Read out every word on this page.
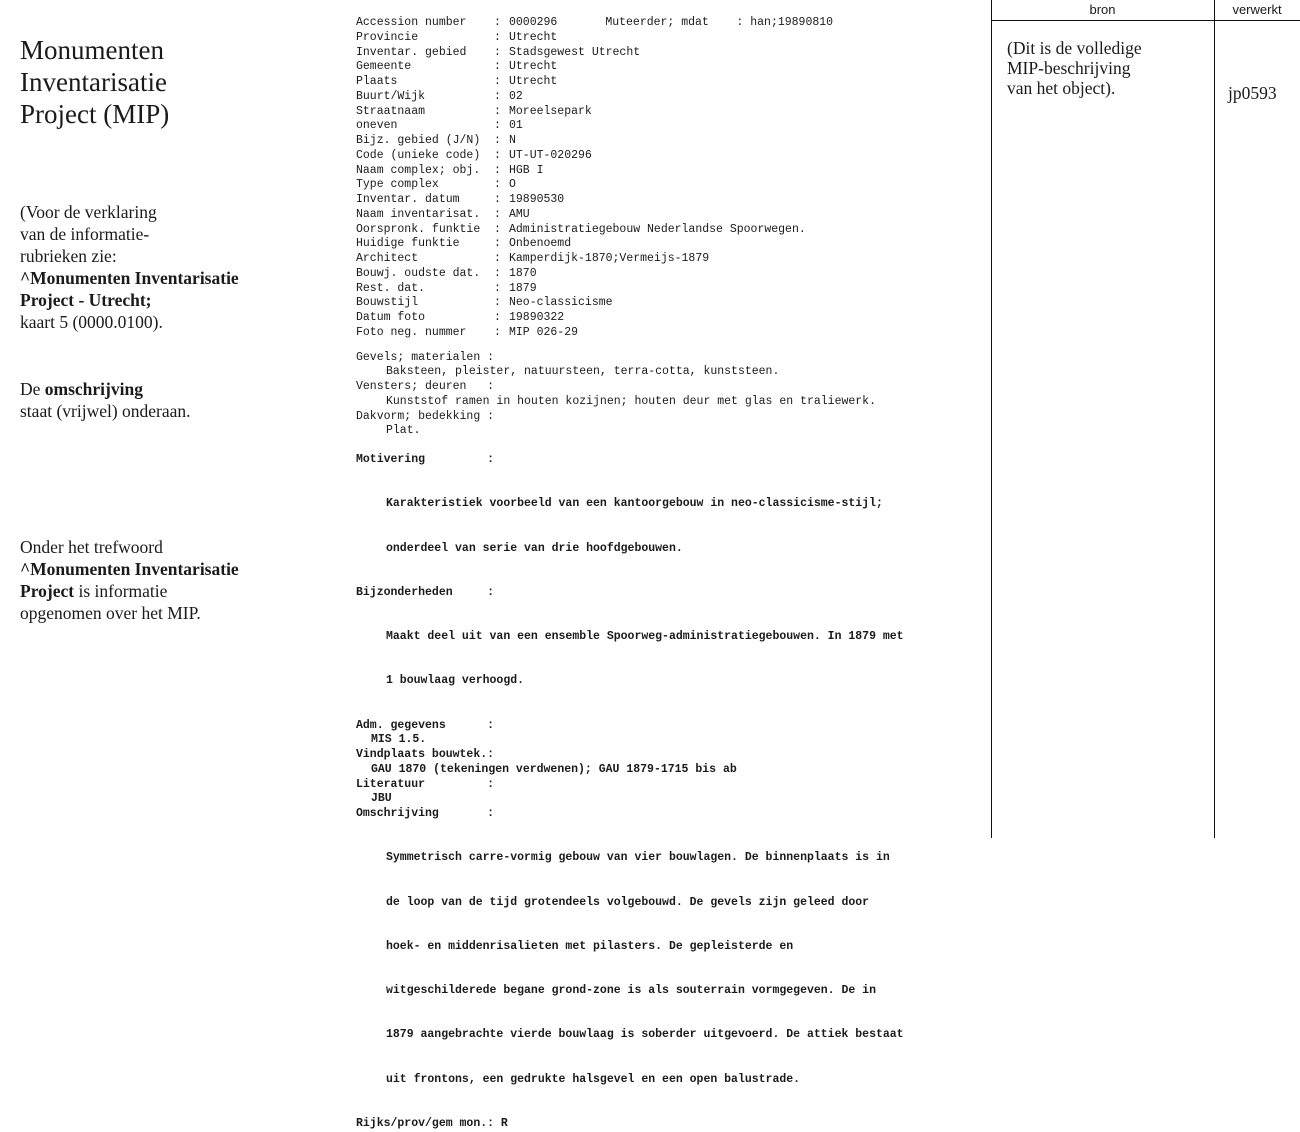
Monumenten
Inventarisatie
Project (MIP)
(Voor de verklaring
van de informatie-
rubrieken zie:
^Monumenten Inventarisatie
Project - Utrecht;
kaart 5 (0000.0100).
De omschrijving
staat (vrijwel) onderaan.
Onder het trefwoord
^Monumenten Inventarisatie
Project is informatie
opgenomen over het MIP.
Accession number	: 0000296	Muteerder; mdat    : han;19890810
Provincie	: Utrecht
Inventar. gebied	: Stadsgewest Utrecht
Gemeente	: Utrecht
Plaats	: Utrecht
Buurt/Wijk	: 02
Straatnaam	: Moreelsepark
oneven	: 01
Bijz. gebied (J/N)	: N
Code (unieke code)	: UT-UT-020296
Naam complex; obj.	: HGB I
Type complex	: O
Inventar. datum	: 19890530
Naam inventarisat.	: AMU
Oorspronk. funktie	: Administratiegebouw Nederlandse Spoorwegen.
Huidige funktie	: Onbenoemd
Architect	: Kamperdijk-1870;Vermeijs-1879
Bouwj. oudste dat.	: 1870
Rest. dat.	: 1879
Bouwstijl	: Neo-classicisme
Datum foto	: 19890322
Foto neg. nummer	: MIP 026-29
Gevels; materialen :
Baksteen, pleister, natuursteen, terra-cotta, kunststeen.
Vensters; deuren   :
Kunststof ramen in houten kozijnen; houten deur met glas en traliewerk.
Dakvorm; bedekking :
Plat.
Motivering         :

Karakteristiek voorbeeld van een kantoorgebouw in neo-classicisme-stijl;

onderdeel van serie van drie hoofdgebouwen.

Bijzonderheden     :

Maakt deel uit van een ensemble Spoorweg-administratiegebouwen. In 1879 met

1 bouwlaag verhoogd.

Adm. gegevens      :
MIS 1.5.
Vindplaats bouwtek.:
GAU 1870 (tekeningen verdwenen); GAU 1879-1715 bis ab
Literatuur         :
JBU
Omschrijving       :

Symmetrisch carre-vormig gebouw van vier bouwlagen. De binnenplaats is in

de loop van de tijd grotendeels volgebouwd. De gevels zijn geleed door

hoek- en middenrisalieten met pilasters. De gepleisterde en

witgeschilderede begane grond-zone is als souterrain vormgegeven. De in

1879 aangebrachte vierde bouwlaag is soberder uitgevoerd. De attiek bestaat

uit frontons, een gedrukte halsgevel en een open balustrade.

Rijks/prov/gem mon.: R
bron	verwerkt
(Dit is de volledige
MIP-beschrijving
van het object).	jp0593
